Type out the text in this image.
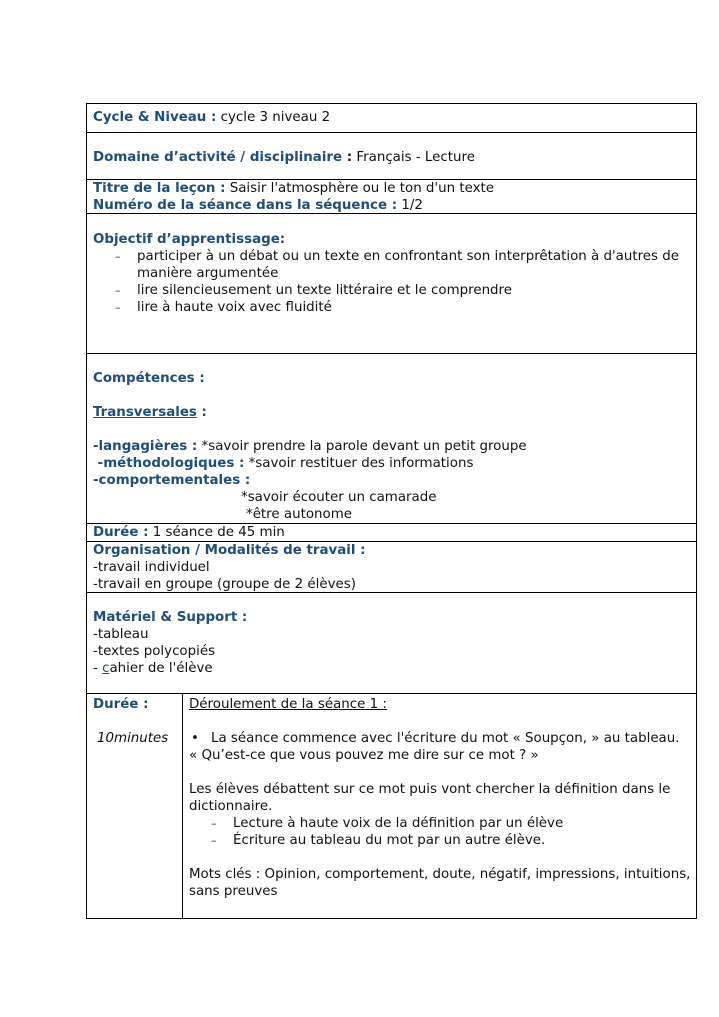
Cycle & Niveau : cycle 3 niveau 2
Domaine d’activité / disciplinaire : Français - Lecture
Titre de la leçon : Saisir l'atmosphère ou le ton d'un texte
Numéro de la séance dans la séquence : 1/2
Objectif d’apprentissage:
– participer à un débat ou un texte en confrontant son interprêtation à d'autres de manière argumentée
– lire silencieusement un texte littéraire et le comprendre
– lire à haute voix avec fluidité
Compétences :
Transversales :
-langagières : *savoir prendre la parole devant un petit groupe
-méthodologiques : *savoir restituer des informations
-comportementales :
*savoir écouter un camarade
*être autonome
Durée : 1 séance de 45 min
Organisation / Modalités de travail :
-travail individuel
-travail en groupe (groupe de 2 élèves)
Matériel & Support :
-tableau
-textes polycopiés
- cahier de l'élève
Durée :
10minutes
Déroulement de la séance 1 :
• La séance commence avec l'écriture du mot « Soupçon, » au tableau.
« Qu’est-ce que vous pouvez me dire sur ce mot ? »
Les élèves débattent sur ce mot puis vont chercher la définition dans le dictionnaire.
– Lecture à haute voix de la définition par un élève
– Écriture au tableau du mot par un autre élève.
Mots clés : Opinion, comportement, doute, négatif, impressions, intuitions, sans preuves
